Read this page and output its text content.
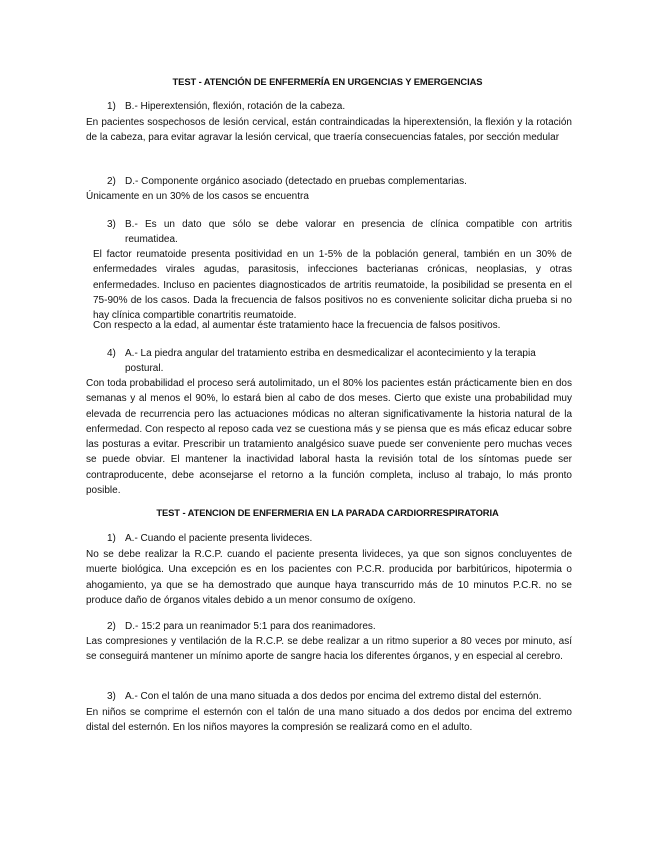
TEST - ATENCIÓN DE ENFERMERÍA EN URGENCIAS Y EMERGENCIAS
1) B.- Hiperextensión, flexión, rotación de la cabeza.

En pacientes sospechosos de lesión cervical, están contraindicadas la hiperextensión, la flexión y la rotación de la cabeza, para evitar agravar la lesión cervical, que traería consecuencias fatales, por sección medular

2) D.- Componente orgánico asociado (detectado en pruebas complementarias.
Únicamente en un 30% de los casos se encuentra
3) B.- Es un dato que sólo se debe valorar en presencia de clínica compatible con artritis
reumatidea.

El factor reumatoide presenta positividad en un 1-5% de la población general, también en un 30% de enfermedades virales agudas, parasitosis, infecciones bacterianas crónicas, neoplasias, y otras enfermedades. Incluso en pacientes diagnosticados de artritis reumatoide, la posibilidad se presenta en el 75-90% de los casos. Dada la frecuencia de falsos positivos no es conveniente solicitar dicha prueba si no hay clínica compartible conartritis reumatoide.

Con respecto a la edad, al aumentar éste tratamiento hace la frecuencia de falsos positivos.
4) A.- La piedra angular del tratamiento estriba en desmedicalizar el acontecimiento y la terapia
postural.

Con toda probabilidad el proceso será autolimitado, un el 80% los pacientes están prácticamente bien en dos semanas y al menos el 90%, lo estará bien al cabo de dos meses. Cierto que existe una probabilidad muy elevada de recurrencia pero las actuaciones módicas no alteran significativamente la historia natural de la enfermedad. Con respecto al reposo cada vez se cuestiona más y se piensa que es más eficaz educar sobre las posturas a evitar. Prescribir un tratamiento analgésico suave puede ser conveniente pero muchas veces se puede obviar. El mantener la inactividad laboral hasta la revisión total de los síntomas puede ser contraproducente, debe aconsejarse el retorno a la función completa, incluso al trabajo, lo más pronto posible.

TEST - ATENCION DE ENFERMERIA EN LA PARADA CARDIORRESPIRATORIA
1) A.- Cuando el paciente presenta livideces.

No se debe realizar la R.C.P. cuando el paciente presenta livideces, ya que son signos concluyentes de muerte biológica. Una excepción es en los pacientes con P.C.R. producida por barbitúricos, hipotermia o ahogamiento, ya que se ha demostrado que aunque haya transcurrido más de 10 minutos P.C.R. no se produce daño de órganos vitales debido a un menor consumo de oxígeno.

2) D.- 15:2 para un reanimador 5:1 para dos reanimadores.

Las compresiones y ventilación de la R.C.P. se debe realizar a un ritmo superior a 80 veces por minuto, así se conseguirá mantener un mínimo aporte de sangre hacia los diferentes órganos, y en especial al cerebro.

3) A.- Con el talón de una mano situada a dos dedos por encima del extremo distal del esternón.

En niños se comprime el esternón con el talón de una mano situado a dos dedos por encima del extremo distal del esternón. En los niños mayores la compresión se realizará como en el adulto.
